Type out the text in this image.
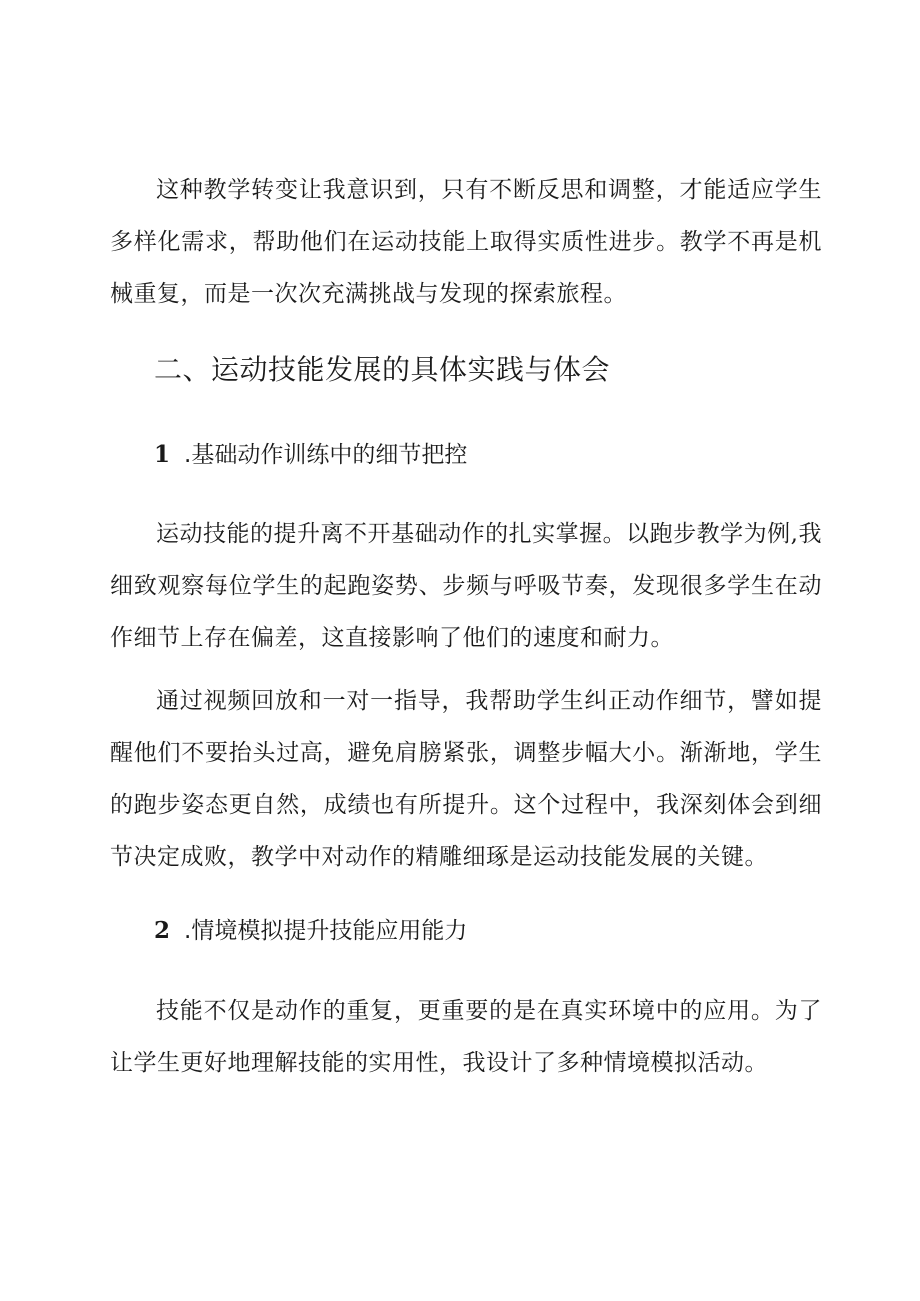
这种教学转变让我意识到，只有不断反思和调整，才能适应学生多样化需求，帮助他们在运动技能上取得实质性进步。教学不再是机械重复，而是一次次充满挑战与发现的探索旅程。

二、运动技能发展的具体实践与体会
1 .基础动作训练中的细节把控

运动技能的提升离不开基础动作的扎实掌握。以跑步教学为例,我细致观察每位学生的起跑姿势、步频与呼吸节奏，发现很多学生在动作细节上存在偏差，这直接影响了他们的速度和耐力。

通过视频回放和一对一指导，我帮助学生纠正动作细节，譬如提醒他们不要抬头过高，避免肩膀紧张，调整步幅大小。渐渐地，学生的跑步姿态更自然，成绩也有所提升。这个过程中，我深刻体会到细节决定成败，教学中对动作的精雕细琢是运动技能发展的关键。

2 .情境模拟提升技能应用能力

技能不仅是动作的重复，更重要的是在真实环境中的应用。为了让学生更好地理解技能的实用性，我设计了多种情境模拟活动。
